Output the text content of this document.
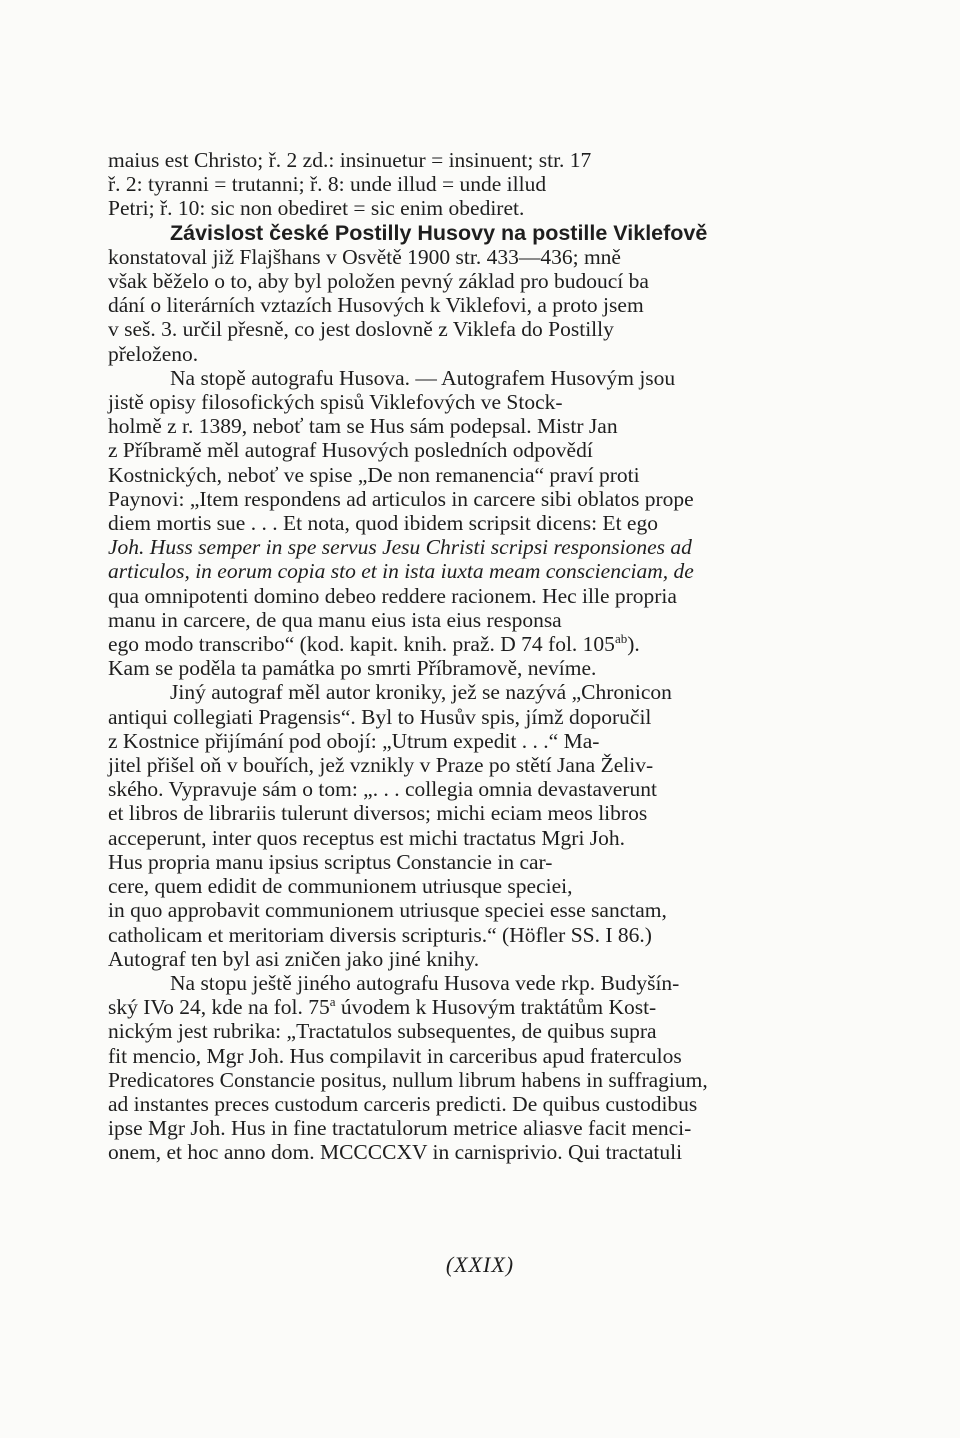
maius est Christo; ř. 2 zd.: insinuetur = insinuent; str. 17
ř. 2: tyranni = trutanni; ř. 8: unde illud = unde illud
Petri; ř. 10: sic non obediret = sic enim obediret.
Závislost české Postilly Husovy na postille Viklefově
konstatoval již Flajšhans v Osvětě 1900 str. 433—436; mně
však běželo o to, aby byl položen pevný základ pro budoucí ba
dání o literárních vztazích Husových k Viklefovi, a proto jsem
v seš. 3. určil přesně, co jest doslovně z Viklefa do Postilly
přeloženo.
Na stopě autografu Husova. — Autografem Husovým jsou
jistě opisy filosofických spisů Viklefových ve Stock-
holmě z r. 1389, neboť tam se Hus sám podepsal. Mistr Jan
z Příbramě měl autograf Husových posledních odpovědí
Kostnických, neboť ve spise „De non remanencia“ praví proti
Paynovi: „Item respondens ad articulos in carcere sibi oblatos prope
diem mortis sue . . . Et nota, quod ibidem scripsit dicens: Et ego
Joh. Huss semper in spe servus Jesu Christi scripsi responsiones ad
articulos, in eorum copia sto et in ista iuxta meam conscienciam, de
qua omnipotenti domino debeo reddere racionem. Hec ille propria
manu in carcere, de qua manu eius ista eius responsa
ego modo transcribo“ (kod. kapit. knih. praž. D 74 fol. $105^{ab}$).
Kam se poděla ta památka po smrti Příbramově, nevíme.
Jiný autograf měl autor kroniky, jež se nazývá „Chronicon
antiqui collegiati Pragensis“. Byl to Husův spis, jímž doporučil
z Kostnice přijímání pod obojí: „Utrum expedit . . .“ Ma-
jitel přišel oň v bouřích, jež vznikly v Praze po stětí Jana Želiv-
ského. Vypravuje sám o tom: „. . . collegia omnia devastaverunt
et libros de librariis tulerunt diversos; michi eciam meos libros
acceperunt, inter quos receptus est michi tractatus Mgri Joh.
Hus propria manu ipsius scriptus Constancie in car-
cere, quem edidit de communionem utriusque speciei,
in quo approbavit communionem utriusque speciei esse sanctam,
catholicam et meritoriam diversis scripturis.“ (Höfler SS. I 86.)
Autograf ten byl asi zničen jako jiné knihy.
Na stopu ještě jiného autografu Husova vede rkp. Budyšín-
ský IVo 24, kde na fol. 75$^a$ úvodem k Husovým traktátům Kost-
nickým jest rubrika: „Tractatulos subsequentes, de quibus supra
fit mencio, Mgr Joh. Hus compilavit in carceribus apud fraterculos
Predicatores Constancie positus, nullum librum habens in suffragium,
ad instantes preces custodum carceris predicti. De quibus custodibus
ipse Mgr Joh. Hus in fine tractatulorum metrice aliasve facit menci-
onem, et hoc anno dom. MCCCCXV in carnisprivio. Qui tractatuli
(XXIX)
